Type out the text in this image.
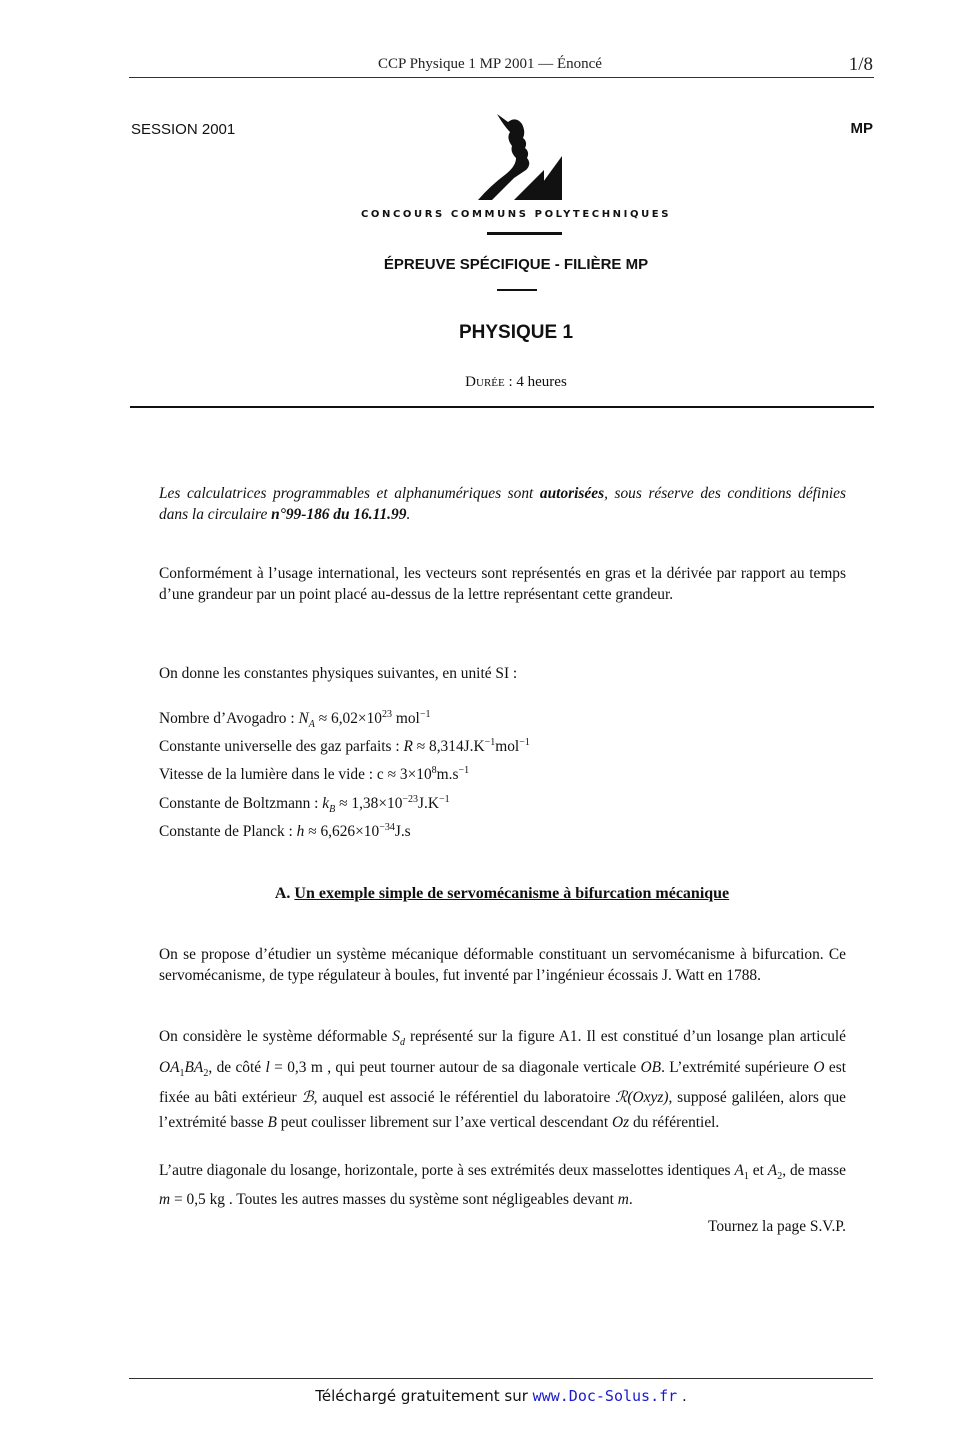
CCP Physique 1 MP 2001 — Énoncé	1/8
SESSION 2001	MP
CONCOURS COMMUNS POLYTECHNIQUES
ÉPREUVE SPÉCIFIQUE - FILIÈRE MP
PHYSIQUE 1
Durée : 4 heures
Les calculatrices programmables et alphanumériques sont autorisées, sous réserve des conditions définies dans la circulaire n°99-186 du 16.11.99.
Conformément à l’usage international, les vecteurs sont représentés en gras et la dérivée par rapport au temps d’une grandeur par un point placé au-dessus de la lettre représentant cette grandeur.
On donne les constantes physiques suivantes, en unité SI :
Nombre d’Avogadro : $N_A \approx 6,02\times 10^{23}$ mol$^{-1}$
Constante universelle des gaz parfaits : $R \approx 8,314J.K^{-1}mol^{-1}$
Vitesse de la lumière dans le vide : $c \approx 3\times 10^8m.s^{-1}$
Constante de Boltzmann : $k_B \approx 1,38\times 10^{-23}J.K^{-1}$
Constante de Planck : $h \approx 6,626\times 10^{-34}J.s$
A. Un exemple simple de servomécanisme à bifurcation mécanique
On se propose d’étudier un système mécanique déformable constituant un servomécanisme à bifurcation. Ce servomécanisme, de type régulateur à boules, fut inventé par l’ingénieur écossais J. Watt en 1788.
On considère le système déformable $S_d$ représenté sur la figure A1. Il est constitué d’un losange plan articulé $OA_1BA_2$, de côté l = 0,3 m , qui peut tourner autour de sa diagonale verticale OB. L’extrémité supérieure O est fixée au bâti extérieur ℬ, auquel est associé le référentiel du laboratoire ℛ(Oxyz), supposé galiléen, alors que l’extrémité basse B peut coulisser librement sur l’axe vertical descendant Oz du référentiel.
L’autre diagonale du losange, horizontale, porte à ses extrémités deux masselottes identiques $A_1$ et $A_2$, de masse m = 0,5 kg . Toutes les autres masses du système sont négligeables devant m.
Tournez la page S.V.P.
Téléchargé gratuitement sur www.Doc-Solus.fr .
